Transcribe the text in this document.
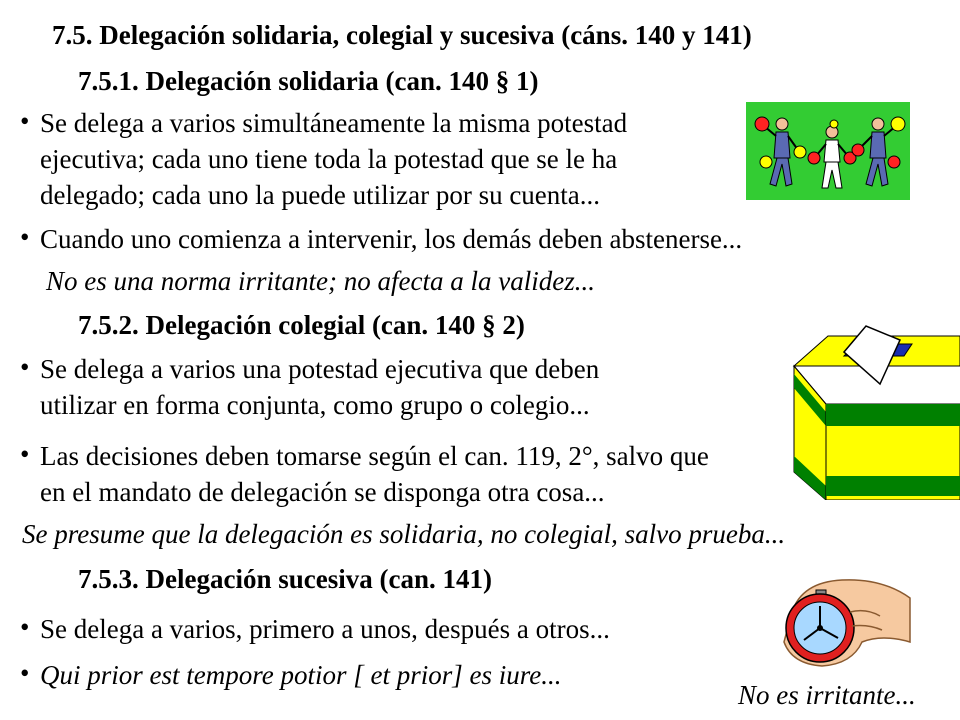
7.5. Delegación solidaria, colegial y sucesiva (cáns. 140 y 141)
7.5.1. Delegación solidaria (can. 140 § 1)
• Se delega a varios simultáneamente la misma potestad
ejecutiva; cada uno tiene toda la potestad que se le ha
delegado; cada uno la puede utilizar por su cuenta...
• Cuando uno comienza a intervenir, los demás deben abstenerse...
No es una norma irritante; no afecta a la validez...
7.5.2. Delegación colegial (can. 140 § 2)
• Se delega a varios una potestad ejecutiva que deben
utilizar en forma conjunta, como grupo o colegio...
• Las decisiones deben tomarse según el can. 119, 2°, salvo que
en el mandato de delegación se disponga otra cosa...
Se presume que la delegación es solidaria, no colegial, salvo prueba...
7.5.3. Delegación sucesiva (can. 141)
• Se delega a varios, primero a unos, después a otros...
• Qui prior est tempore potior [ et prior] es iure...
No es irritante...
